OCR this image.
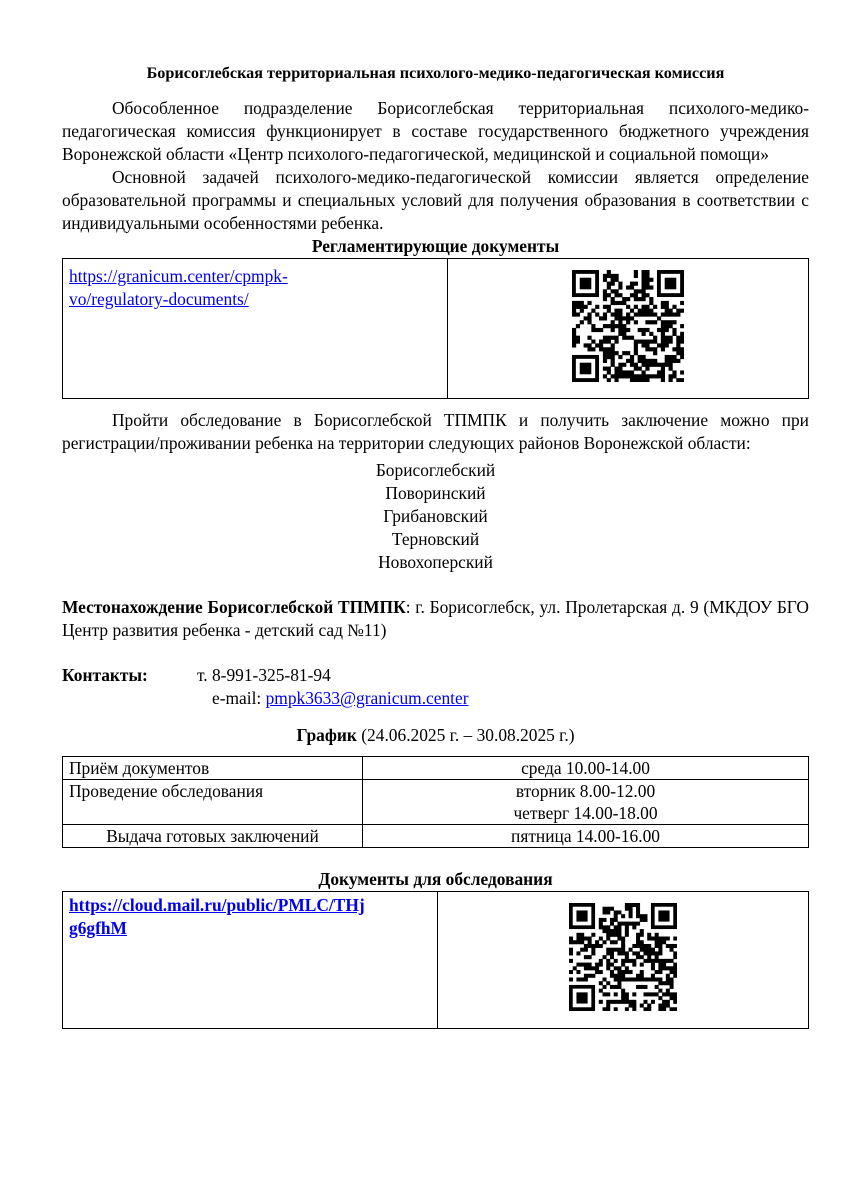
Борисоглебская территориальная психолого-медико-педагогическая комиссия

Обособленное подразделение Борисоглебская территориальная психолого-медико-педагогическая комиссия функционирует в составе государственного бюджетного учреждения Воронежской области «Центр психолого-педагогической, медицинской и социальной помощи»

Основной задачей психолого-медико-педагогической комиссии является определение образовательной программы и специальных условий для получения образования в соответствии с индивидуальными особенностями ребенка.

Регламентирующие документы

https://granicum.center/cpmpk-
vo/regulatory-documents/	

Пройти обследование в Борисоглебской ТПМПК и получить заключение можно при регистрации/проживании ребенка на территории следующих районов Воронежской области:

Борисоглебский

Поворинский

Грибановский

Терновский

Новохоперский

Местонахождение Борисоглебской ТПМПК: г. Борисоглебск, ул. Пролетарская д. 9 (МКДОУ БГО Центр развития ребенка - детский сад №11)

Контакты:	т. 8-991-325-81-94
e-mail: pmpk3633@granicum.center

График (24.06.2025 г. – 30.08.2025 г.)

Приём документов	среда 10.00-14.00
Проведение обследования	вторник 8.00-12.00
четверг 14.00-18.00

Выдача готовых заключений	пятница 14.00-16.00

Документы для обследования

https://cloud.mail.ru/public/PMLC/THj
g6gfhM	
